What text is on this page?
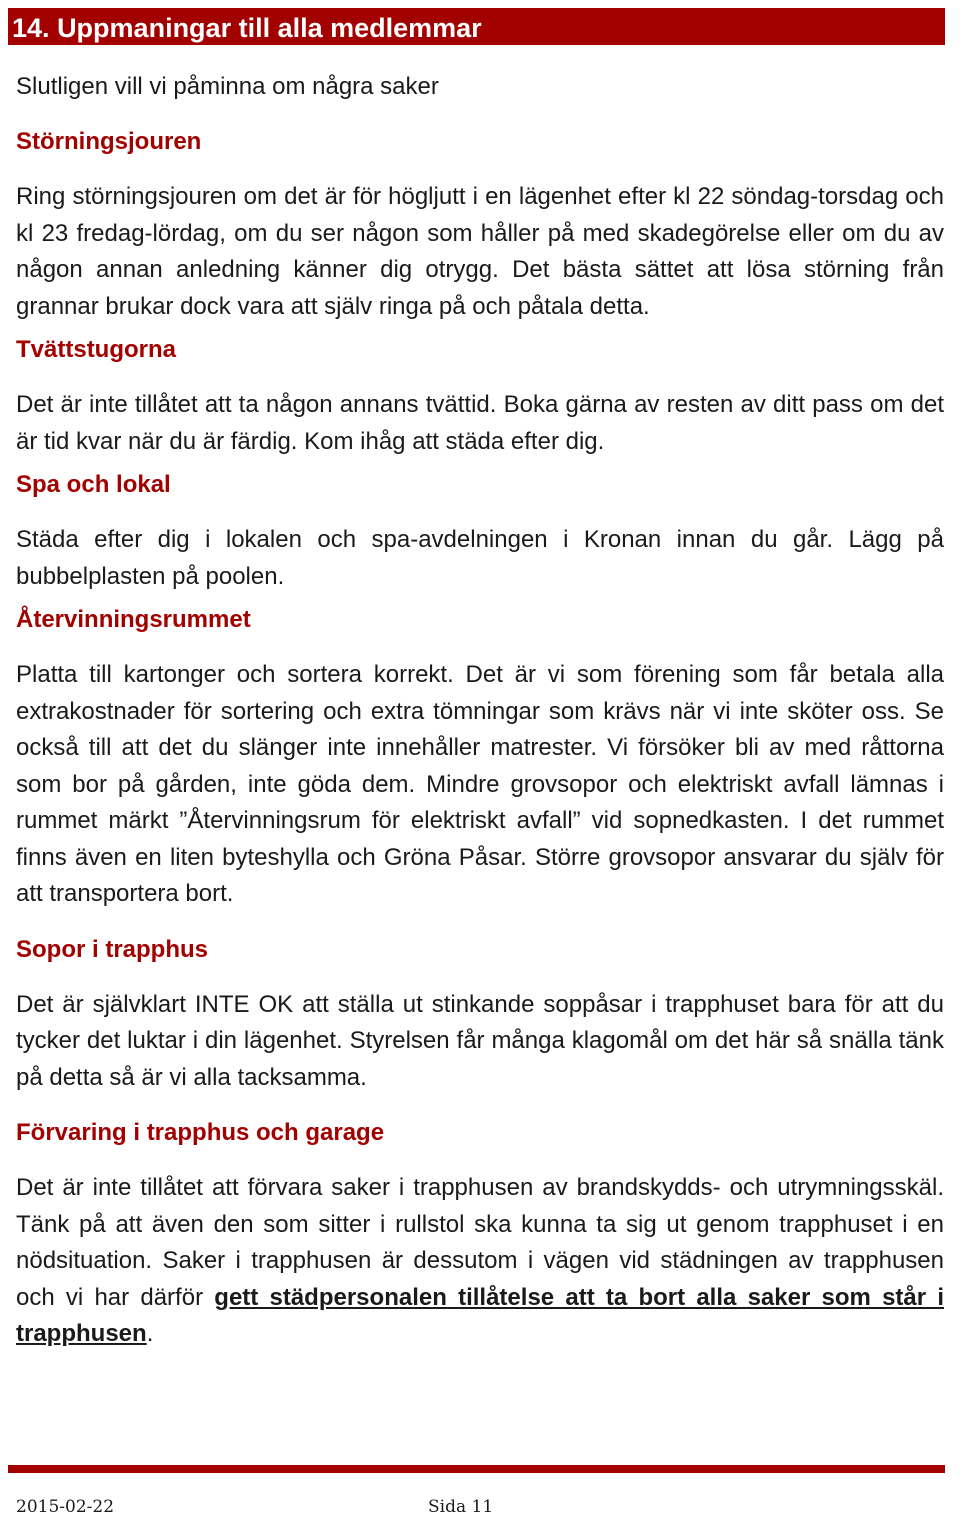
14. Uppmaningar till alla medlemmar

Slutligen vill vi påminna om några saker

Störningsjouren

Ring störningsjouren om det är för högljutt i en lägenhet efter kl 22 söndag-torsdag och kl 23 fredag-lördag, om du ser någon som håller på med skadegörelse eller om du av någon annan anledning känner dig otrygg. Det bästa sättet att lösa störning från grannar brukar dock vara att själv ringa på och påtala detta.

Tvättstugorna

Det är inte tillåtet att ta någon annans tvättid. Boka gärna av resten av ditt pass om det är tid kvar när du är färdig. Kom ihåg att städa efter dig.

Spa och lokal

Städa efter dig i lokalen och spa-avdelningen i Kronan innan du går. Lägg på bubbelplasten på poolen.

Återvinningsrummet

Platta till kartonger och sortera korrekt. Det är vi som förening som får betala alla extrakostnader för sortering och extra tömningar som krävs när vi inte sköter oss. Se också till att det du slänger inte innehåller matrester. Vi försöker bli av med råttorna som bor på gården, inte göda dem. Mindre grovsopor och elektriskt avfall lämnas i rummet märkt ”Återvinningsrum för elektriskt avfall” vid sopnedkasten. I det rummet finns även en liten byteshylla och Gröna Påsar. Större grovsopor ansvarar du själv för att transportera bort.

Sopor i trapphus

Det är självklart INTE OK att ställa ut stinkande soppåsar i trapphuset bara för att du tycker det luktar i din lägenhet. Styrelsen får många klagomål om det här så snälla tänk på detta så är vi alla tacksamma.

Förvaring i trapphus och garage

Det är inte tillåtet att förvara saker i trapphusen av brandskydds- och utrymningsskäl. Tänk på att även den som sitter i rullstol ska kunna ta sig ut genom trapphuset i en nödsituation. Saker i trapphusen är dessutom i vägen vid städningen av trapphusen och vi har därför gett städpersonalen tillåtelse att ta bort alla saker som står i trapphusen.

2015-02-22	Sida 11
